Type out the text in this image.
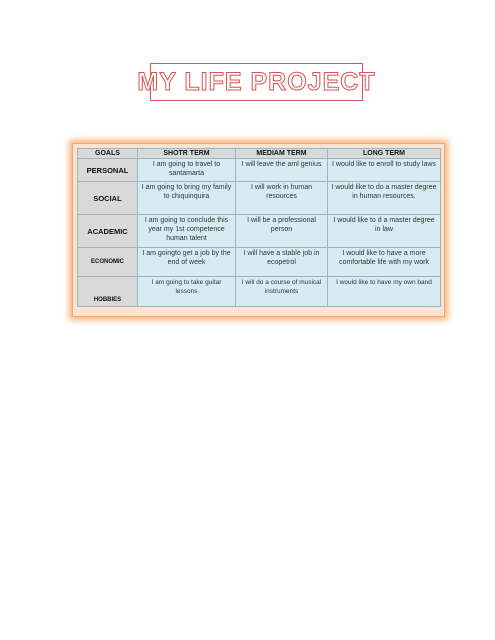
MY LIFE PROJECT
GOALS	SHOTR TERM	MEDIAM TERM	LONG TERM
PERSONAL	I am going to travel to santamarta	I will leave the aml genius	I would like to enroll to study laws
SOCIAL	I am going to bring my family to chiquinquira	I will work in human resources	I would like to do a master degree in human resources.
ACADEMIC	I am going to conclude this year my 1st competence human talent	I will be a professional person	I would like to d a master degree in law
ECONOMIC	I am goingto get a job by the end of week	I will have a stable job in ecopetrol	I would like to have a more comfortable life with my work
HOBBIES	I am going to take guitar lessons	I will do a course of musical instruments	I would like to have my own band
